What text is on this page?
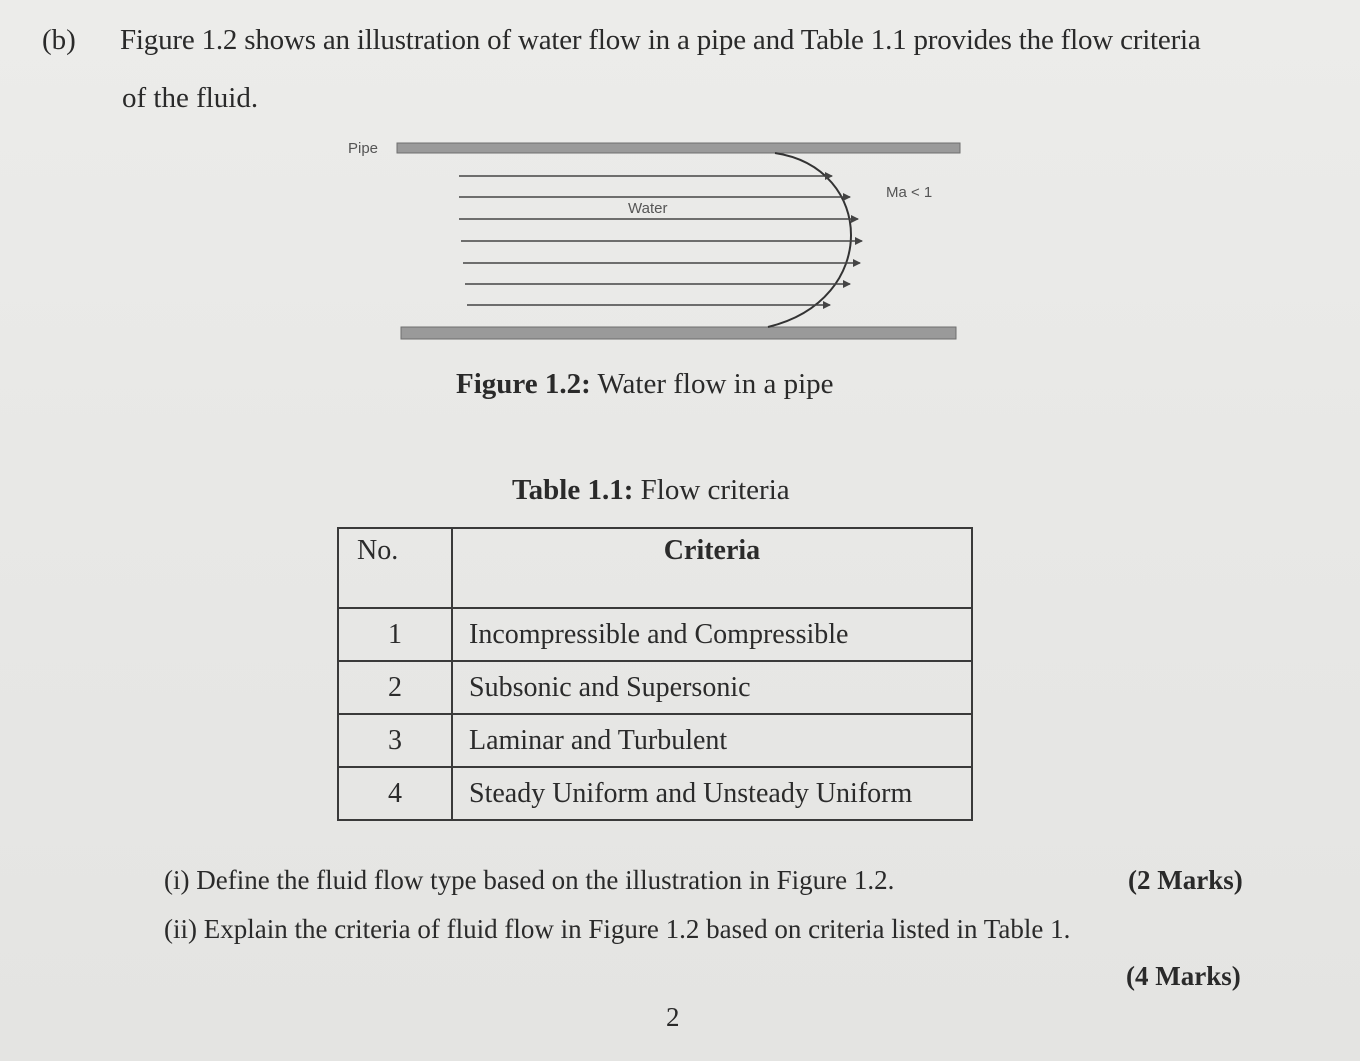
(b) Figure 1.2 shows an illustration of water flow in a pipe and Table 1.1 provides the flow criteria
of the fluid.
Pipe
Water
Ma < 1
Figure 1.2: Water flow in a pipe
Table 1.1: Flow criteria
No.	Criteria
1	Incompressible and Compressible
2	Subsonic and Supersonic
3	Laminar and Turbulent
4	Steady Uniform and Unsteady Uniform
(i) Define the fluid flow type based on the illustration in Figure 1.2.	(2 Marks)
(ii) Explain the criteria of fluid flow in Figure 1.2 based on criteria listed in Table 1.
(4 Marks)
2
